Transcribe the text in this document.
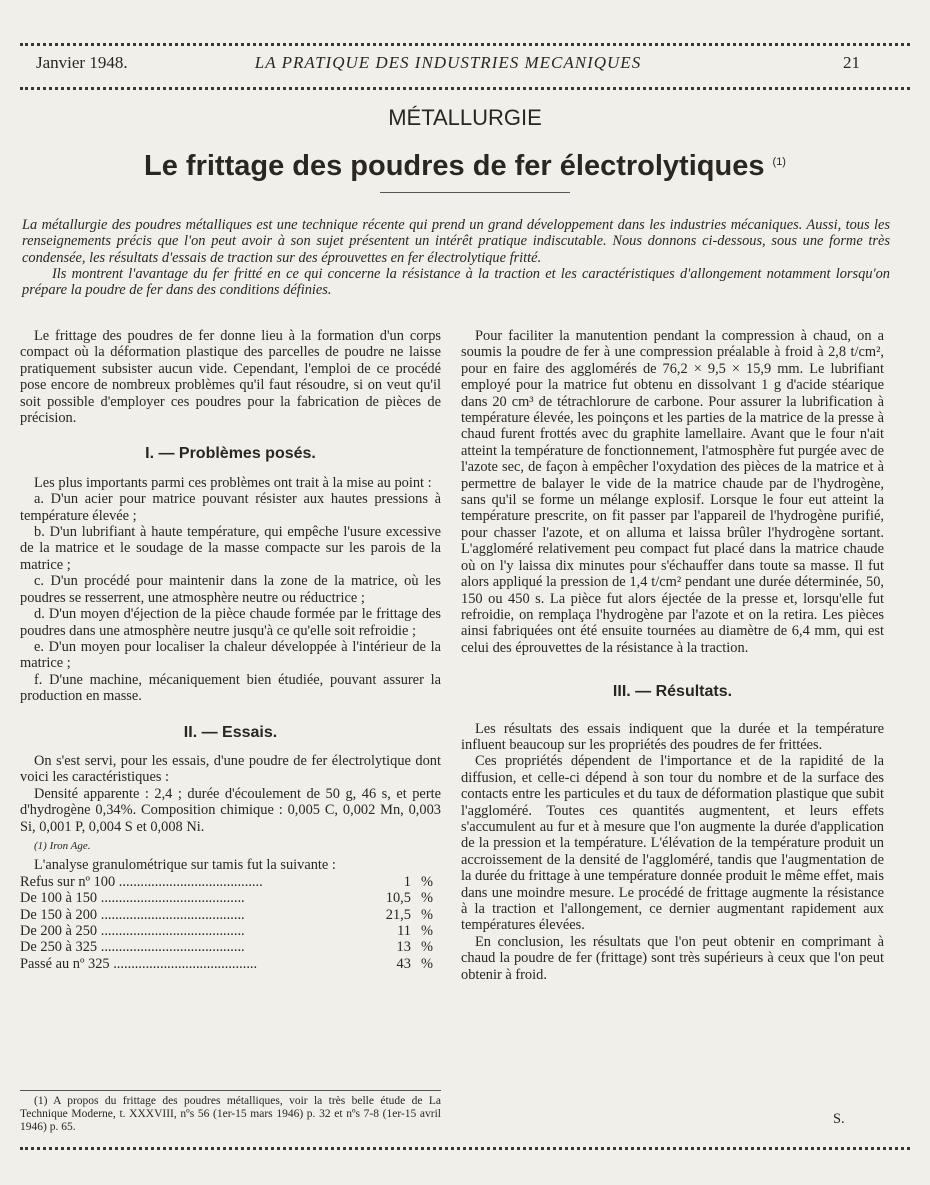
Janvier 1948.	LA PRATIQUE DES INDUSTRIES MECANIQUES	21
MÉTALLURGIE
Le frittage des poudres de fer électrolytiques $^{(1)}$

La métallurgie des poudres métalliques est une technique récente qui prend un grand développement dans les industries mécaniques. Aussi, tous les renseignements précis que l'on peut avoir à son sujet présentent un intérêt pratique indiscutable. Nous donnons ci-dessous, sous une forme très condensée, les résultats d'essais de traction sur des éprouvettes en fer électrolytique fritté.

Ils montrent l'avantage du fer fritté en ce qui concerne la résistance à la traction et les caractéristiques d'allongement notamment lorsqu'on prépare la poudre de fer dans des conditions définies.

Le frittage des poudres de fer donne lieu à la formation d'un corps compact où la déformation plastique des parcelles de poudre ne laisse pratiquement subsister aucun vide. Cependant, l'emploi de ce procédé pose encore de nombreux problèmes qu'il faut résoudre, si on veut qu'il soit possible d'employer ces poudres pour la fabrication de pièces de précision.

I. — Problèmes posés.

Les plus importants parmi ces problèmes ont trait à la mise au point :

a. D'un acier pour matrice pouvant résister aux hautes pressions à température élevée ;

b. D'un lubrifiant à haute température, qui empêche l'usure excessive de la matrice et le soudage de la masse compacte sur les parois de la matrice ;

c. D'un procédé pour maintenir dans la zone de la matrice, où les poudres se resserrent, une atmosphère neutre ou réductrice ;

d. D'un moyen d'éjection de la pièce chaude formée par le frittage des poudres dans une atmosphère neutre jusqu'à ce qu'elle soit refroidie ;

e. D'un moyen pour localiser la chaleur développée à l'intérieur de la matrice ;

f. D'une machine, mécaniquement bien étudiée, pouvant assurer la production en masse.

II. — Essais.

On s'est servi, pour les essais, d'une poudre de fer électrolytique dont voici les caractéristiques :

Densité apparente : 2,4 ; durée d'écoulement de 50 g, 46 s, et perte d'hydrogène 0,34%. Composition chimique : 0,005 C, 0,002 Mn, 0,003 Si, 0,001 P, 0,004 S et 0,008 Ni.

(1) Iron Age.

L'analyse granulométrique sur tamis fut la suivante :

Refus sur nº 100 ........................................	1	%
De 100 à 150 ........................................	10,5	%
De 150 à 200 ........................................	21,5	%
De 200 à 250 ........................................	11	%
De 250 à 325 ........................................	13	%
Passé au nº 325 ........................................	43	%

(1) A propos du frittage des poudres métalliques, voir la très belle étude de La Technique Moderne, t. XXXVIII, nºs 56 (1er-15 mars 1946) p. 32 et nºs 7-8 (1er-15 avril 1946) p. 65.

Pour faciliter la manutention pendant la compression à chaud, on a soumis la poudre de fer à une compression préalable à froid à 2,8 t/cm², pour en faire des agglomérés de 76,2 × 9,5 × 15,9 mm. Le lubrifiant employé pour la matrice fut obtenu en dissolvant 1 g d'acide stéarique dans 20 cm³ de tétrachlorure de carbone. Pour assurer la lubrification à température élevée, les poinçons et les parties de la matrice de la presse à chaud furent frottés avec du graphite lamellaire. Avant que le four n'ait atteint la température de fonctionnement, l'atmosphère fut purgée avec de l'azote sec, de façon à empêcher l'oxydation des pièces de la matrice et à permettre de balayer le vide de la matrice chaude par de l'hydrogène, sans qu'il se forme un mélange explosif. Lorsque le four eut atteint la température prescrite, on fit passer par l'appareil de l'hydrogène purifié, pour chasser l'azote, et on alluma et laissa brûler l'hydrogène sortant. L'aggloméré relativement peu compact fut placé dans la matrice chaude où on l'y laissa dix minutes pour s'échauffer dans toute sa masse. Il fut alors appliqué la pression de 1,4 t/cm² pendant une durée déterminée, 50, 150 ou 450 s. La pièce fut alors éjectée de la presse et, lorsqu'elle fut refroidie, on remplaça l'hydrogène par l'azote et on la retira. Les pièces ainsi fabriquées ont été ensuite tournées au diamètre de 6,4 mm, qui est celui des éprouvettes de la résistance à la traction.

III. — Résultats.

Les résultats des essais indiquent que la durée et la température influent beaucoup sur les propriétés des poudres de fer frittées.

Ces propriétés dépendent de l'importance et de la rapidité de la diffusion, et celle-ci dépend à son tour du nombre et de la surface des contacts entre les particules et du taux de déformation plastique que subit l'aggloméré. Toutes ces quantités augmentent, et leurs effets s'accumulent au fur et à mesure que l'on augmente la durée d'application de la pression et la température. L'élévation de la température produit un accroissement de la densité de l'aggloméré, tandis que l'augmentation de la durée du frittage à une température donnée produit le même effet, mais dans une moindre mesure. Le procédé de frittage augmente la résistance à la traction et l'allongement, ce dernier augmentant rapidement aux températures élevées.

En conclusion, les résultats que l'on peut obtenir en comprimant à chaud la poudre de fer (frittage) sont très supérieurs à ceux que l'on peut obtenir à froid.

S.
